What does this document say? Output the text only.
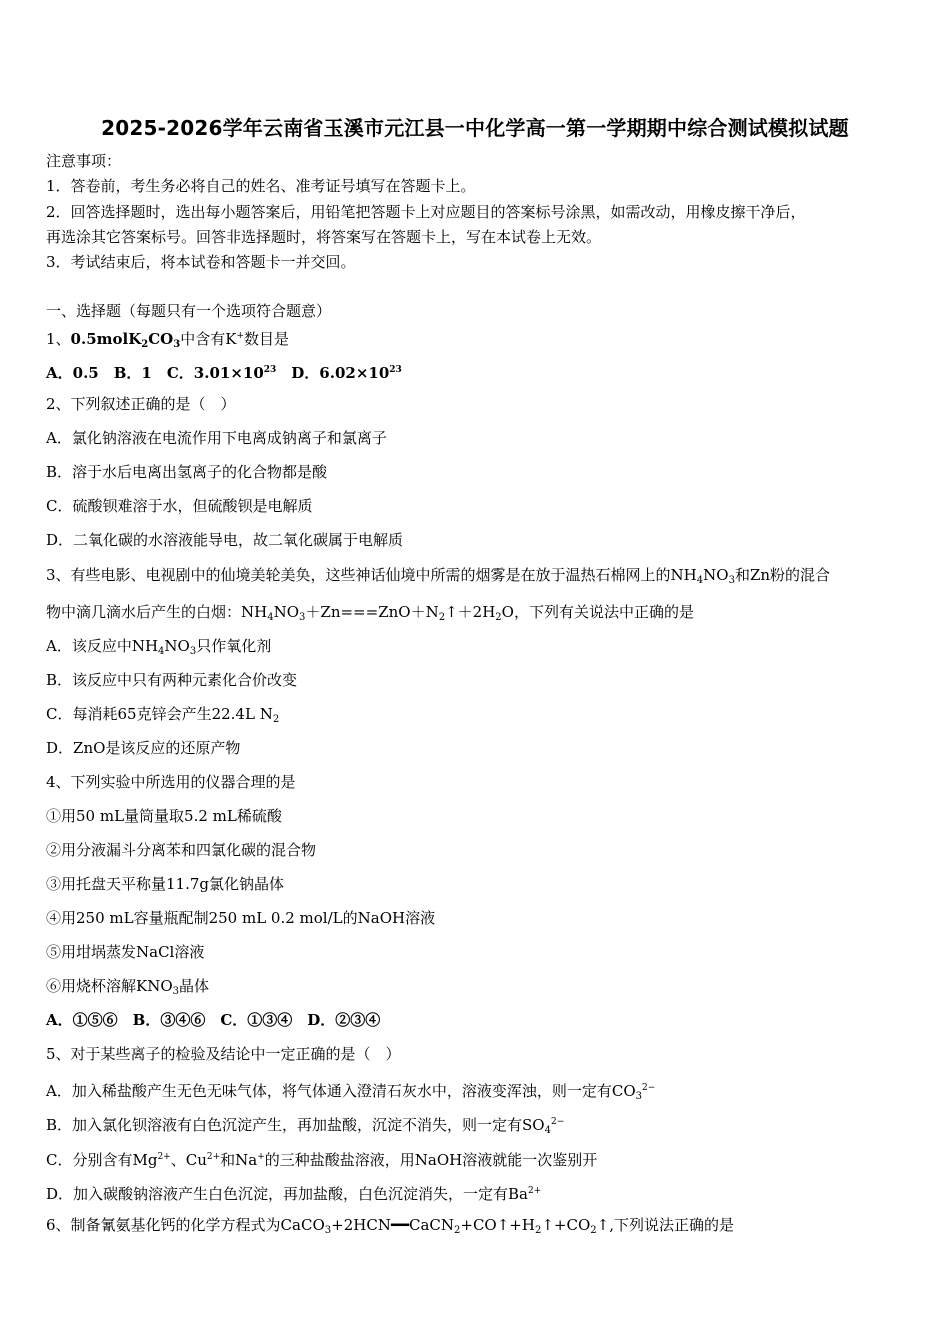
2025-2026学年云南省玉溪市元江县一中化学高一第一学期期中综合测试模拟试题
注意事项：
1．答卷前，考生务必将自己的姓名、准考证号填写在答题卡上。
2．回答选择题时，选出每小题答案后，用铅笔把答题卡上对应题目的答案标号涂黑，如需改动，用橡皮擦干净后，
再选涂其它答案标号。回答非选择题时，将答案写在答题卡上，写在本试卷上无效。
3．考试结束后，将本试卷和答题卡一并交回。
一、选择题（每题只有一个选项符合题意）
1、$0.5molK_2CO_3$中含有K+数目是
A．0.5　B．1　C．$3.01\times 10^{23}$　D．$6.02\times 10^{23}$
2、下列叙述正确的是（　）
A．氯化钠溶液在电流作用下电离成钠离子和氯离子
B．溶于水后电离出氢离子的化合物都是酸
C．硫酸钡难溶于水，但硫酸钡是电解质
D．二氧化碳的水溶液能导电，故二氧化碳属于电解质
3、有些电影、电视剧中的仙境美轮美奂，这些神话仙境中所需的烟雾是在放于温热石棉网上的$NH_4NO_3$和Zn粉的混合
物中滴几滴水后产生的白烟：$NH_4NO_3+Zn===ZnO+N_2↑+2H_2O$，下列有关说法中正确的是
A．该反应中$NH_4NO_3$只作氧化剂
B．该反应中只有两种元素化合价改变
C．每消耗65克锌会产生22.4L $N_2$
D．ZnO是该反应的还原产物
4、下列实验中所选用的仪器合理的是
①用50 mL量筒量取5.2 mL稀硫酸
②用分液漏斗分离苯和四氯化碳的混合物
③用托盘天平称量11.7g氯化钠晶体
④用250 mL容量瓶配制250 mL 0.2 mol/L的NaOH溶液
⑤用坩埚蒸发NaCl溶液
⑥用烧杯溶解$KNO_3$晶体
A．①⑤⑥　B．③④⑥　C．①③④　D．②③④
5、对于某些离子的检验及结论中一定正确的是（　）
A．加入稀盐酸产生无色无味气体，将气体通入澄清石灰水中，溶液变浑浊，则一定有$CO_3^{2-}$
B．加入氯化钡溶液有白色沉淀产生，再加盐酸，沉淀不消失，则一定有$SO_4^{2-}$
C．分别含有$Mg^{2+}$、$Cu^{2+}$和Na+的三种盐酸盐溶液，用NaOH溶液就能一次鉴别开
D．加入碳酸钠溶液产生白色沉淀，再加盐酸，白色沉淀消失，一定有$Ba^{2+}$
6、制备氰氨基化钙的化学方程式为$CaCO_3+2HCN━━CaCN_2+CO↑+H_2↑+CO_2↑$,下列说法正确的是
